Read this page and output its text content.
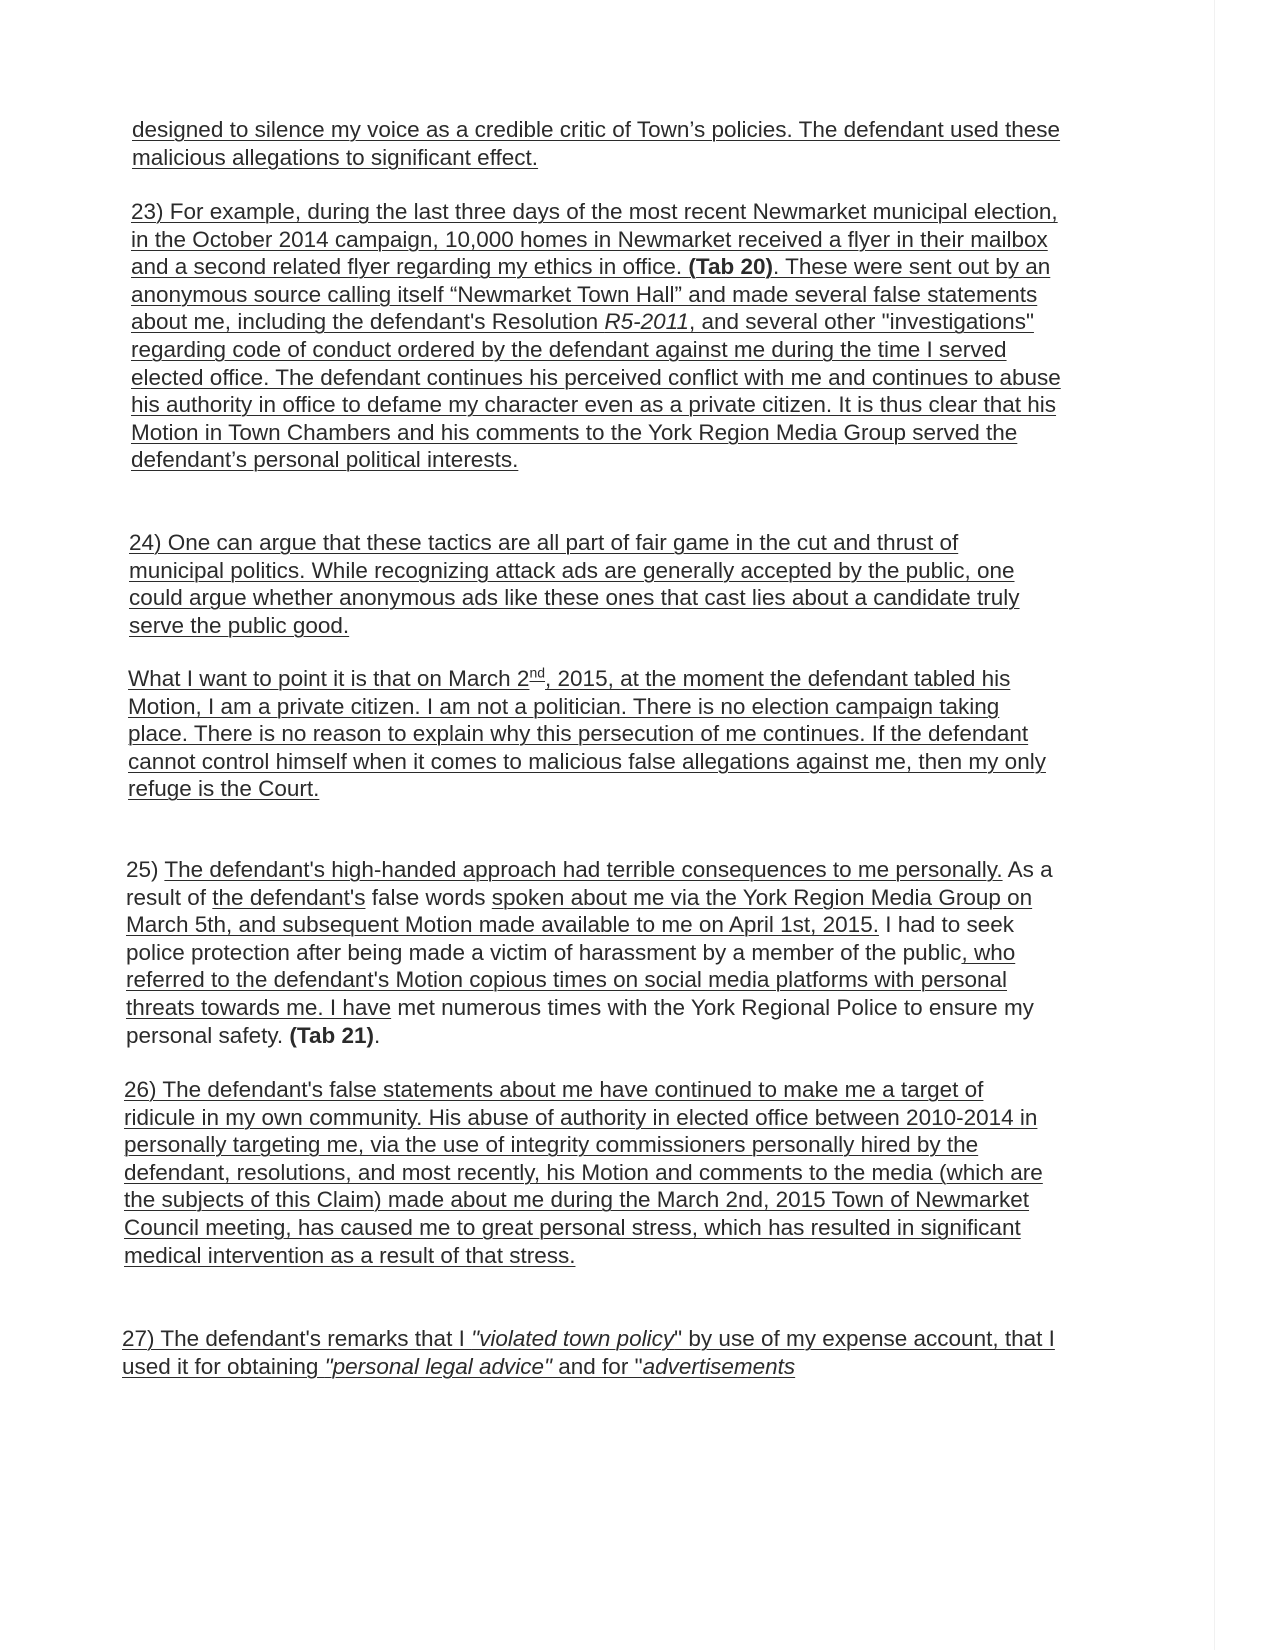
designed to silence my voice as a credible critic of Town’s policies. The defendant used these malicious allegations to significant effect.

23) For example, during the last three days of the most recent Newmarket municipal election, in the October 2014 campaign, 10,000 homes in Newmarket received a flyer in their mailbox and a second related flyer regarding my ethics in office. (Tab 20). These were sent out by an anonymous source calling itself “Newmarket Town Hall” and made several false statements about me, including the defendant's Resolution R5-2011, and several other "investigations" regarding code of conduct ordered by the defendant against me during the time I served elected office. The defendant continues his perceived conflict with me and continues to abuse his authority in office to defame my character even as a private citizen. It is thus clear that his Motion in Town Chambers and his comments to the York Region Media Group served the defendant’s personal political interests.

24) One can argue that these tactics are all part of fair game in the cut and thrust of municipal politics. While recognizing attack ads are generally accepted by the public, one could argue whether anonymous ads like these ones that cast lies about a candidate truly serve the public good.

What I want to point it is that on March 2nd, 2015, at the moment the defendant tabled his Motion, I am a private citizen. I am not a politician. There is no election campaign taking place. There is no reason to explain why this persecution of me continues. If the defendant cannot control himself when it comes to malicious false allegations against me, then my only refuge is the Court.

25) The defendant's high-handed approach had terrible consequences to me personally. As a result of the defendant's false words spoken about me via the York Region Media Group on March 5th, and subsequent Motion made available to me on April 1st, 2015. I had to seek police protection after being made a victim of harassment by a member of the public, who referred to the defendant's Motion copious times on social media platforms with personal threats towards me. I have met numerous times with the York Regional Police to ensure my personal safety. (Tab 21).

26) The defendant's false statements about me have continued to make me a target of ridicule in my own community. His abuse of authority in elected office between 2010-2014 in personally targeting me, via the use of integrity commissioners personally hired by the defendant, resolutions, and most recently, his Motion and comments to the media (which are the subjects of this Claim) made about me during the March 2nd, 2015 Town of Newmarket Council meeting, has caused me to great personal stress, which has resulted in significant medical intervention as a result of that stress.

27) The defendant's remarks that I "violated town policy" by use of my expense account, that I used it for obtaining "personal legal advice" and for "advertisements
